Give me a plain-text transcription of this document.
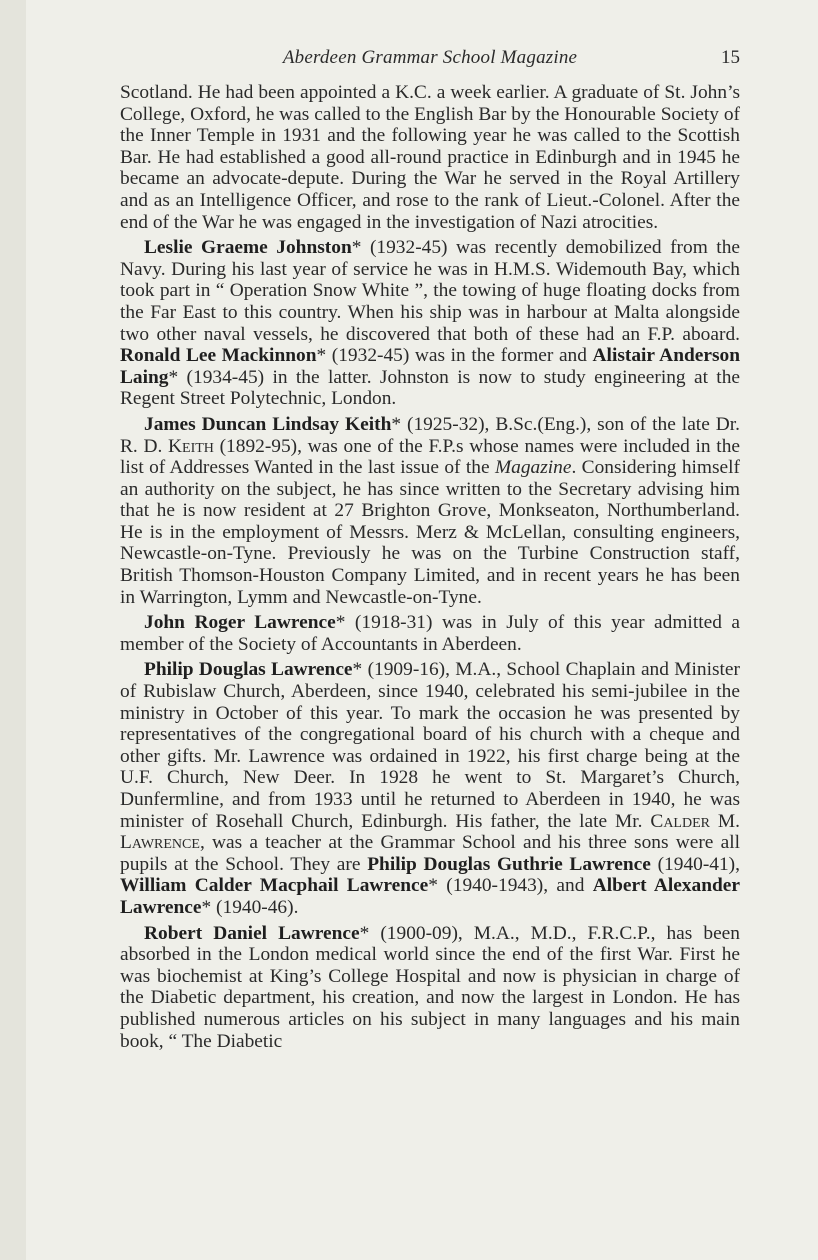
Aberdeen Grammar School Magazine	15

Scotland. He had been appointed a K.C. a week earlier. A graduate of St. John’s College, Oxford, he was called to the English Bar by the Honourable Society of the Inner Temple in 1931 and the following year he was called to the Scottish Bar. He had established a good all-round practice in Edinburgh and in 1945 he became an advocate-depute. During the War he served in the Royal Artillery and as an Intelligence Officer, and rose to the rank of Lieut.-Colonel. After the end of the War he was engaged in the investigation of Nazi atrocities.

Leslie Graeme Johnston* (1932-45) was recently demobilized from the Navy. During his last year of service he was in H.M.S. Widemouth Bay, which took part in “ Operation Snow White ”, the towing of huge floating docks from the Far East to this country. When his ship was in harbour at Malta alongside two other naval vessels, he discovered that both of these had an F.P. aboard. Ronald Lee Mackinnon* (1932-45) was in the former and Alistair Anderson Laing* (1934-45) in the latter. Johnston is now to study engineering at the Regent Street Polytechnic, London.

James Duncan Lindsay Keith* (1925-32), B.Sc.(Eng.), son of the late Dr. R. D. Keith (1892-95), was one of the F.P.s whose names were included in the list of Addresses Wanted in the last issue of the Magazine. Considering himself an authority on the subject, he has since written to the Secretary advising him that he is now resident at 27 Brighton Grove, Monkseaton, Northumberland. He is in the employment of Messrs. Merz & McLellan, consulting engineers, Newcastle-on-Tyne. Previously he was on the Turbine Construction staff, British Thomson-Houston Company Limited, and in recent years he has been in Warrington, Lymm and Newcastle-on-Tyne.

John Roger Lawrence* (1918-31) was in July of this year admitted a member of the Society of Accountants in Aberdeen.

Philip Douglas Lawrence* (1909-16), M.A., School Chaplain and Minister of Rubislaw Church, Aberdeen, since 1940, celebrated his semi-jubilee in the ministry in October of this year. To mark the occasion he was presented by representatives of the congregational board of his church with a cheque and other gifts. Mr. Lawrence was ordained in 1922, his first charge being at the U.F. Church, New Deer. In 1928 he went to St. Margaret’s Church, Dunfermline, and from 1933 until he returned to Aberdeen in 1940, he was minister of Rosehall Church, Edinburgh. His father, the late Mr. Calder M. Lawrence, was a teacher at the Grammar School and his three sons were all pupils at the School. They are Philip Douglas Guthrie Lawrence (1940-41), William Calder Macphail Lawrence* (1940-1943), and Albert Alexander Lawrence* (1940-46).

Robert Daniel Lawrence* (1900-09), M.A., M.D., F.R.C.P., has been absorbed in the London medical world since the end of the first War. First he was biochemist at King’s College Hospital and now is physician in charge of the Diabetic department, his creation, and now the largest in London. He has published numerous articles on his subject in many languages and his main book, “ The Diabetic
